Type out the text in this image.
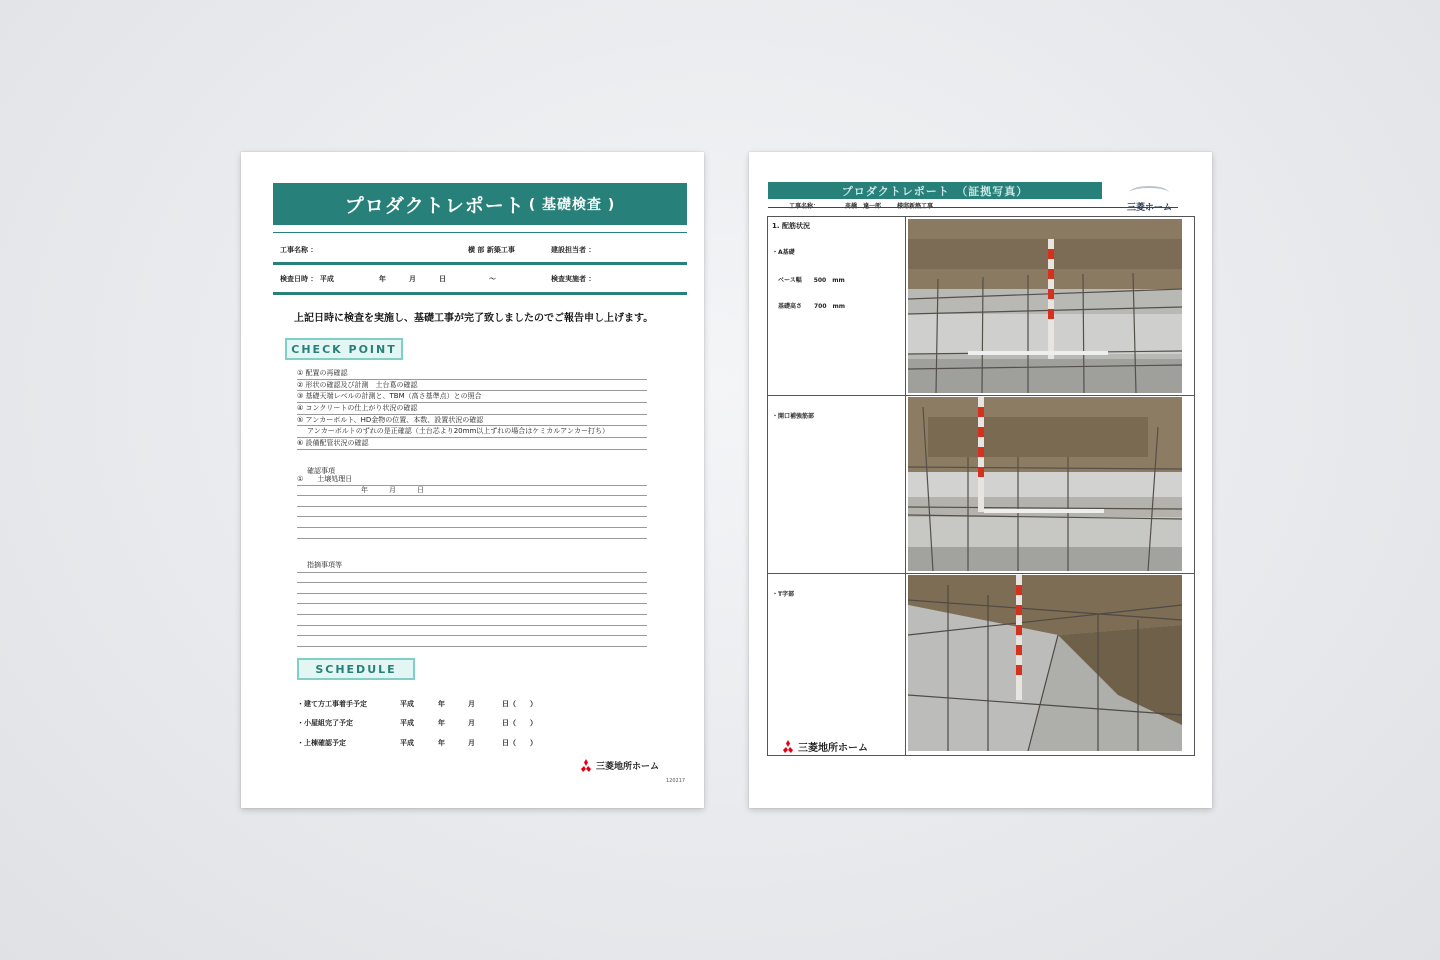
プロダクトレポート ( 基礎検査 )
工事名称 ：	横 部 新築工事	建設担当者 ：
検査日時 ： 平成	年	月	日	〜	検査実施者 ：
上記日時に検査を実施し、基礎工事が完了致しましたのでご報告申し上げます。
CHECK POINT
① 配置の再確認
② 形状の確認及び計測　土台葛の確認
③ 基礎天端レベルの計測と、TBM（高さ基準点）との照合
④ コンクリートの仕上がり状況の確認
⑤ アンカーボルト、HD金物の位置、本数、設置状況の確認
アンカーボルトのずれの是正確認（土台芯より20mm以上ずれの場合はケミカルアンカー打ち）
⑥ 設備配管状況の確認
確認事項
①　　土壌処理日
年　　　月　　　日
指摘事項等
SCHEDULE
・建て方工事着手予定	平成	年	月	日（　　）
・小屋組完了予定	平成	年	月	日（　　）
・上棟確認予定	平成	年	月	日（　　）
三菱地所ホーム
120217
プロダクトレポート　（証拠写真）
三菱ホーム
1. 配筋状況
・A基礎
ベース幅　　500　mm
基礎高さ　　700　mm
・開口補強筋部
・T字部
三菱地所ホーム
